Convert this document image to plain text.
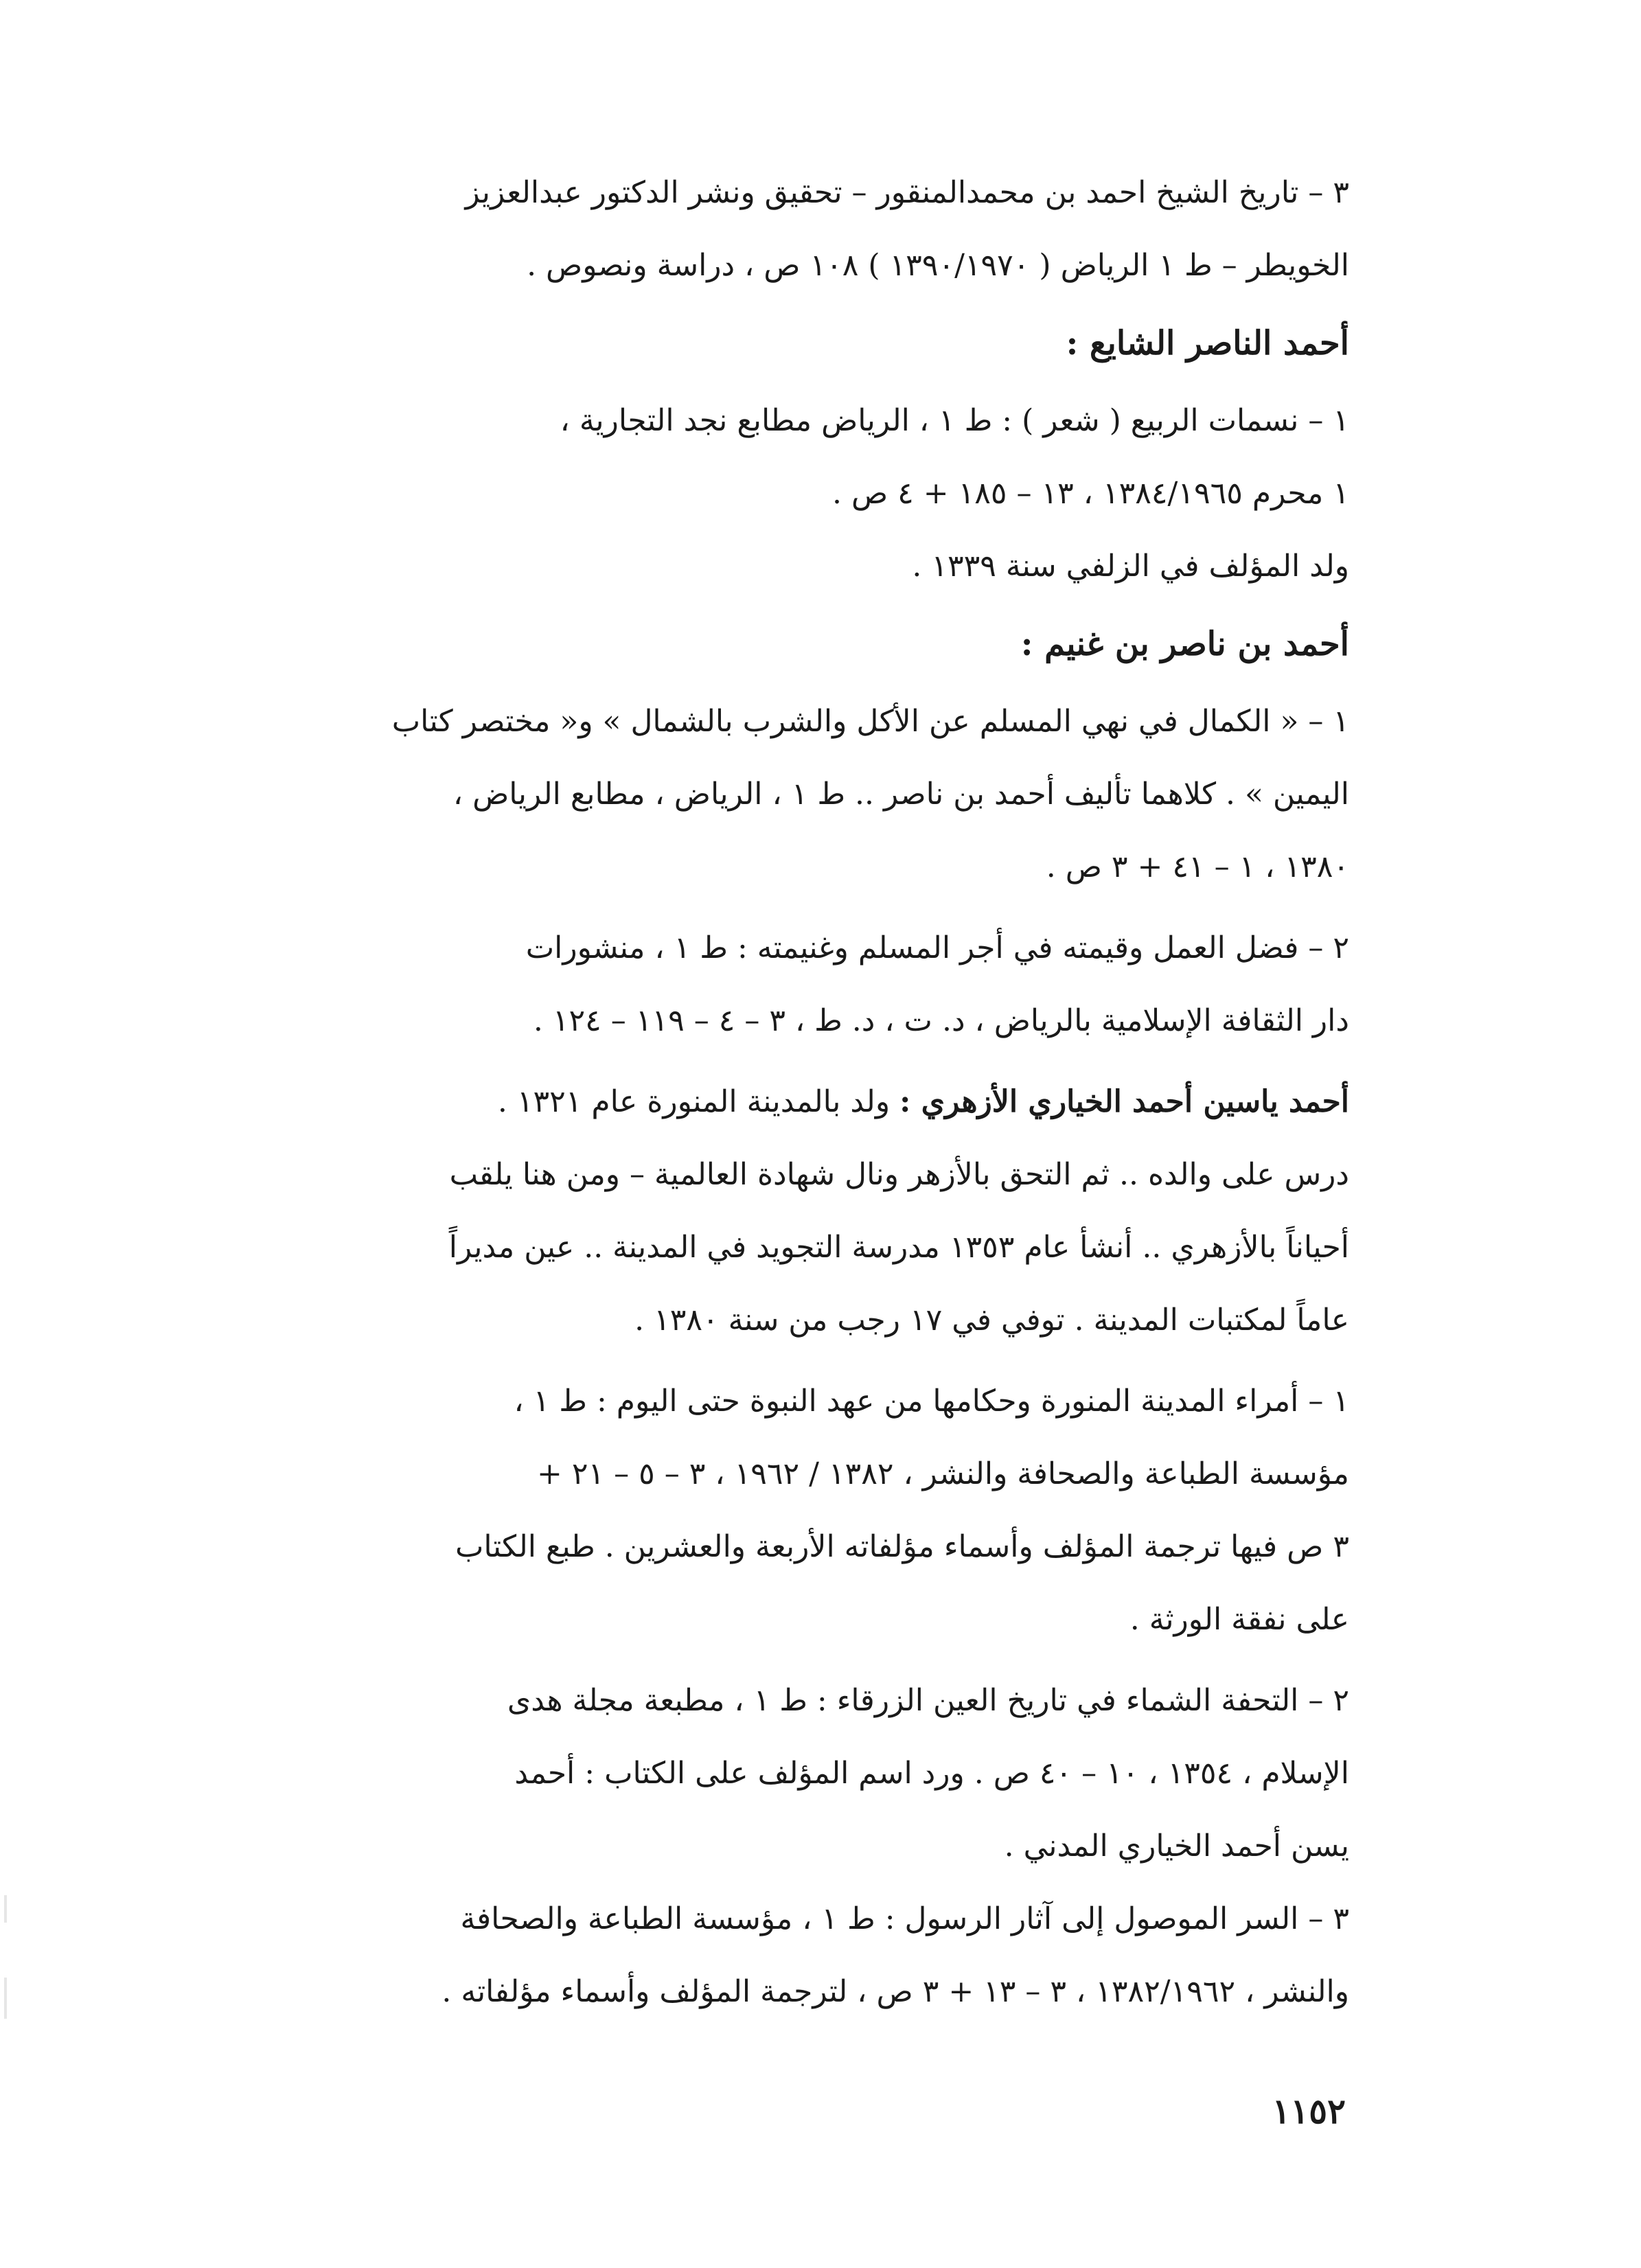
٣ – تاريخ الشيخ احمد بن محمدالمنقور – تحقيق ونشر الدكتور عبدالعزيز
الخويطر – ط ١ الرياض ( ١٣٩٠/١٩٧٠ ) ١٠٨ ص ، دراسة ونصوص .
أحمد الناصر الشايع :
١ – نسمات الربيع ( شعر ) : ط ١ ، الرياض مطابع نجد التجارية ،
١ محرم ١٣٨٤/١٩٦٥ ، ١٣ – ١٨٥ + ٤ ص .
ولد المؤلف في الزلفي سنة ١٣٣٩ .
أحمد بن ناصر بن غنيم :
١ – « الكمال في نهي المسلم عن الأكل والشرب بالشمال » و« مختصر كتاب
اليمين » . كلاهما تأليف أحمد بن ناصر .. ط ١ ، الرياض ، مطابع الرياض ،
١٣٨٠ ، ١ – ٤١ + ٣ ص .
٢ – فضل العمل وقيمته في أجر المسلم وغنيمته : ط ١ ، منشورات
دار الثقافة الإسلامية بالرياض ، د. ت ، د. ط ، ٣ – ٤ – ١١٩ – ١٢٤ .
أحمد ياسين أحمد الخياري الأزهري : ولد بالمدينة المنورة عام ١٣٢١ .
درس على والده .. ثم التحق بالأزهر ونال شهادة العالمية – ومن هنا يلقب
أحياناً بالأزهري .. أنشأ عام ١٣٥٣ مدرسة التجويد في المدينة .. عين مديراً
عاماً لمكتبات المدينة . توفي في ١٧ رجب من سنة ١٣٨٠ .
١ – أمراء المدينة المنورة وحكامها من عهد النبوة حتى اليوم : ط ١ ،
مؤسسة الطباعة والصحافة والنشر ، ١٣٨٢ / ١٩٦٢ ، ٣ – ٥ – ٢١ +
٣ ص فيها ترجمة المؤلف وأسماء مؤلفاته الأربعة والعشرين . طبع الكتاب
على نفقة الورثة .
٢ – التحفة الشماء في تاريخ العين الزرقاء : ط ١ ، مطبعة مجلة هدى
الإسلام ، ١٣٥٤ ، ١٠ – ٤٠ ص . ورد اسم المؤلف على الكتاب : أحمد
يسن أحمد الخياري المدني .
٣ – السر الموصول إلى آثار الرسول : ط ١ ، مؤسسة الطباعة والصحافة
والنشر ، ١٣٨٢/١٩٦٢ ، ٣ – ١٣ + ٣ ص ، لترجمة المؤلف وأسماء مؤلفاته .
١١٥٢
